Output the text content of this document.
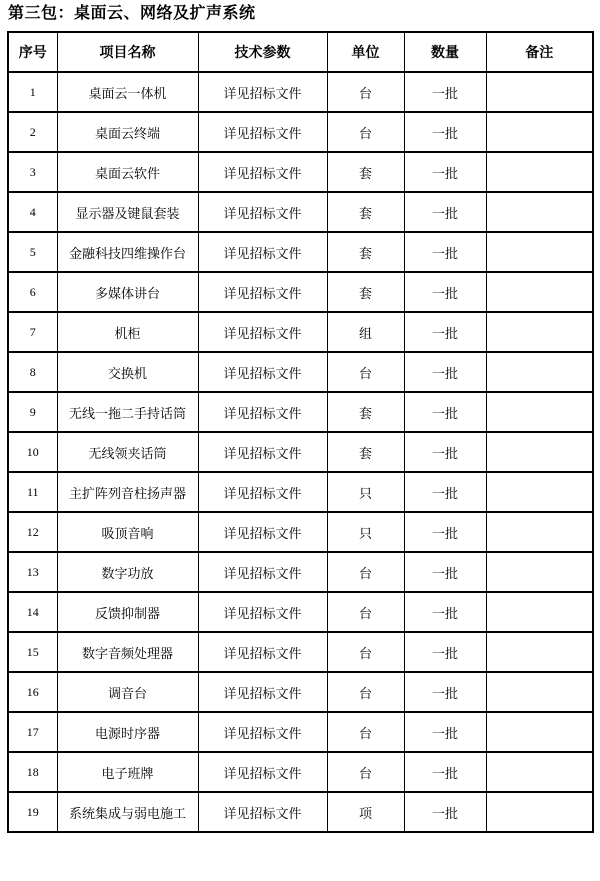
第三包：桌面云、网络及扩声系统
序号	项目名称	技术参数	单位	数量	备注
1	桌面云一体机	详见招标文件	台	一批	
2	桌面云终端	详见招标文件	台	一批	
3	桌面云软件	详见招标文件	套	一批	
4	显示器及键鼠套装	详见招标文件	套	一批	
5	金融科技四维操作台	详见招标文件	套	一批	
6	多媒体讲台	详见招标文件	套	一批	
7	机柜	详见招标文件	组	一批	
8	交换机	详见招标文件	台	一批	
9	无线一拖二手持话筒	详见招标文件	套	一批	
10	无线领夹话筒	详见招标文件	套	一批	
11	主扩阵列音柱扬声器	详见招标文件	只	一批	
12	吸顶音响	详见招标文件	只	一批	
13	数字功放	详见招标文件	台	一批	
14	反馈抑制器	详见招标文件	台	一批	
15	数字音频处理器	详见招标文件	台	一批	
16	调音台	详见招标文件	台	一批	
17	电源时序器	详见招标文件	台	一批	
18	电子班牌	详见招标文件	台	一批	
19	系统集成与弱电施工	详见招标文件	项	一批	
